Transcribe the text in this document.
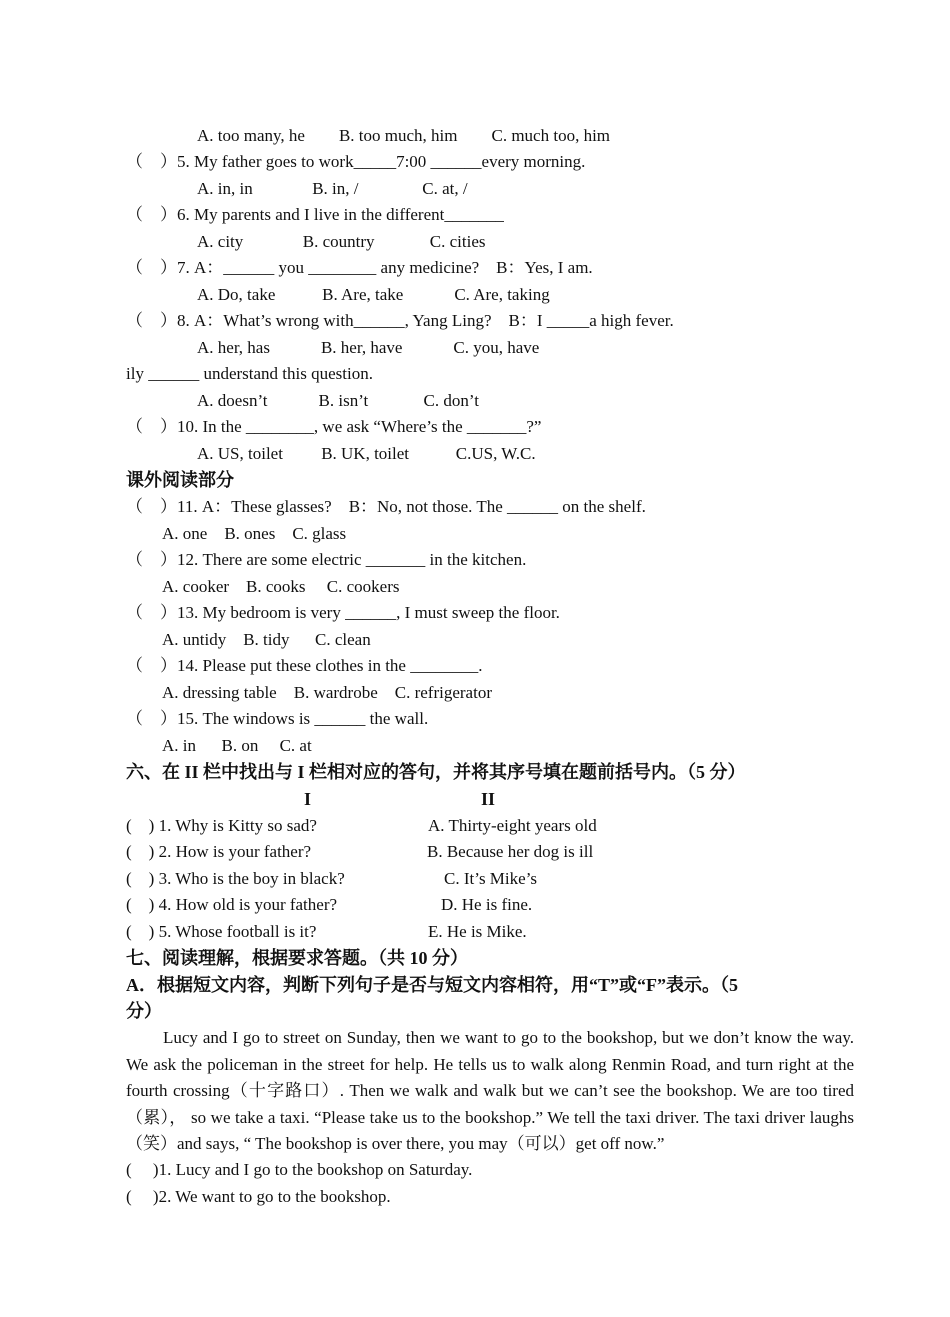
A. too many, he        B. too much, him        C. much too, him
（    ）5. My father goes to work_____7:00 ______every morning.
A. in, in              B. in, /               C. at, /
（    ）6. My parents and I live in the different_______
A. city              B. country             C. cities
（    ）7. A：______ you ________ any medicine?    B：Yes, I am.
A. Do, take           B. Are, take            C. Are, taking
（    ）8. A：What’s wrong with______, Yang Ling?    B：I _____a high fever.
A. her, has            B. her, have            C. you, have
ily ______ understand this question.
A. doesn’t            B. isn’t             C. don’t
（    ）10. In the ________, we ask “Where’s the _______?”
A. US, toilet         B. UK, toilet           C.US, W.C.
课外阅读部分
（    ）11. A：These glasses?    B：No, not those. The ______ on the shelf.
A. one    B. ones    C. glass
（    ）12. There are some electric _______ in the kitchen.
A. cooker    B. cooks     C. cookers
（    ）13. My bedroom is very ______, I must sweep the floor.
A. untidy    B. tidy      C. clean
（    ）14. Please put these clothes in the ________.
A. dressing table    B. wardrobe    C. refrigerator
（    ）15. The windows is ______ the wall.
A. in      B. on     C. at
六、在 II 栏中找出与 I 栏相对应的答句，并将其序号填在题前括号内。（5 分）
I	II
(    ) 1. Why is Kitty so sad?	A. Thirty-eight years old
(    ) 2. How is your father?	B. Because her dog is ill
(    ) 3. Who is the boy in black?	C. It’s Mike’s
(    ) 4. How old is your father?	D. He is fine.
(    ) 5. Whose football is it?	E. He is Mike.
七、阅读理解，根据要求答题。（共 10 分）
A．根据短文内容，判断下列句子是否与短文内容相符，用“T”或“F”表示。（5
分）
Lucy and I go to street on Sunday, then we want to go to the bookshop, but we don’t know the way. We ask the policeman in the street for help. He tells us to walk along Renmin Road, and turn right at the fourth crossing（十字路口）. Then we walk and walk but we can’t see the bookshop. We are too tired（累）， so we take a taxi. “Please take us to the bookshop.” We tell the taxi driver. The taxi driver laughs （笑）and says, “ The bookshop is over there, you may（可以）get off now.”
(     )1. Lucy and I go to the bookshop on Saturday.
(     )2. We want to go to the bookshop.
